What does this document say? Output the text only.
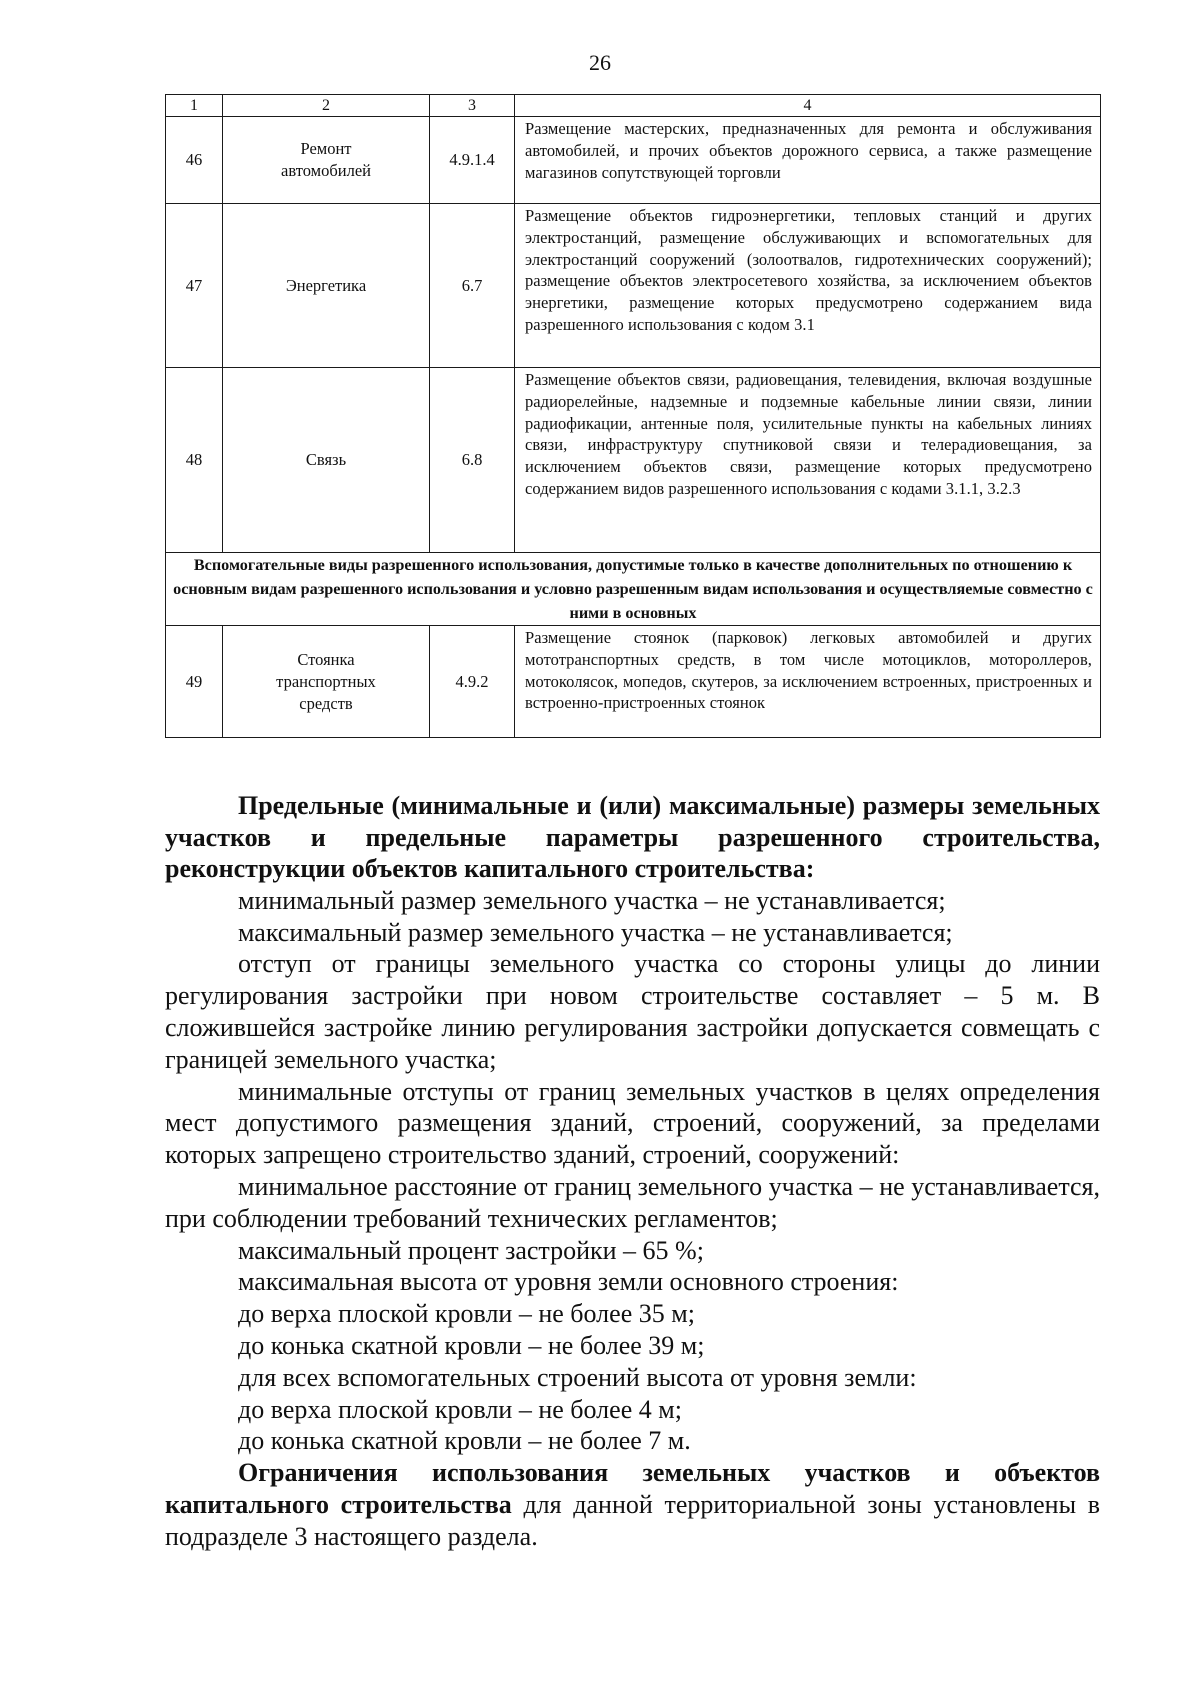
26
1	2	3	4
46	Ремонт автомобилей	4.9.1.4	Размещение мастерских, предназначенных для ремонта и обслуживания автомобилей, и прочих объектов дорожного сервиса, а также размещение магазинов сопутствующей торговли
47	Энергетика	6.7	Размещение объектов гидроэнергетики, тепловых станций и других электростанций, размещение обслуживающих и вспомогательных для электростанций сооружений (золоотвалов, гидротехнических сооружений); размещение объектов электросетевого хозяйства, за исключением объектов энергетики, размещение которых предусмотрено содержанием вида разрешенного использования с кодом 3.1
48	Связь	6.8	Размещение объектов связи, радиовещания, телевидения, включая воздушные радиорелейные, надземные и подземные кабельные линии связи, линии радиофикации, антенные поля, усилительные пункты на кабельных линиях связи, инфраструктуру спутниковой связи и телерадиовещания, за исключением объектов связи, размещение которых предусмотрено содержанием видов разрешенного использования с кодами 3.1.1, 3.2.3
Вспомогательные виды разрешенного использования, допустимые только в качестве дополнительных по отношению к основным видам разрешенного использования и условно разрешенным видам использования и осуществляемые совместно с ними в основных			
49	Стоянка транспортных средств	4.9.2	Размещение стоянок (парковок) легковых автомобилей и других мототранспортных средств, в том числе мотоциклов, мотороллеров, мотоколясок, мопедов, скутеров, за исключением встроенных, пристроенных и встроенно-пристроенных стоянок

Предельные (минимальные и (или) максимальные) размеры земельных участков и предельные параметры разрешенного строительства, реконструкции объектов капитального строительства:

минимальный размер земельного участка – не устанавливается;

максимальный размер земельного участка – не устанавливается;

отступ от границы земельного участка со стороны улицы до линии регулирования застройки при новом строительстве составляет – 5 м. В сложившейся застройке линию регулирования застройки допускается совмещать с границей земельного участка;

минимальные отступы от границ земельных участков в целях определения мест допустимого размещения зданий, строений, сооружений, за пределами которых запрещено строительство зданий, строений, сооружений:

минимальное расстояние от границ земельного участка – не устанавливается, при соблюдении требований технических регламентов;

максимальный процент застройки – 65 %;

максимальная высота от уровня земли основного строения:

до верха плоской кровли – не более 35 м;

до конька скатной кровли – не более 39 м;

для всех вспомогательных строений высота от уровня земли:

до верха плоской кровли – не более 4 м;

до конька скатной кровли – не более 7 м.

Ограничения использования земельных участков и объектов капитального строительства для данной территориальной зоны установлены в подразделе 3 настоящего раздела.
